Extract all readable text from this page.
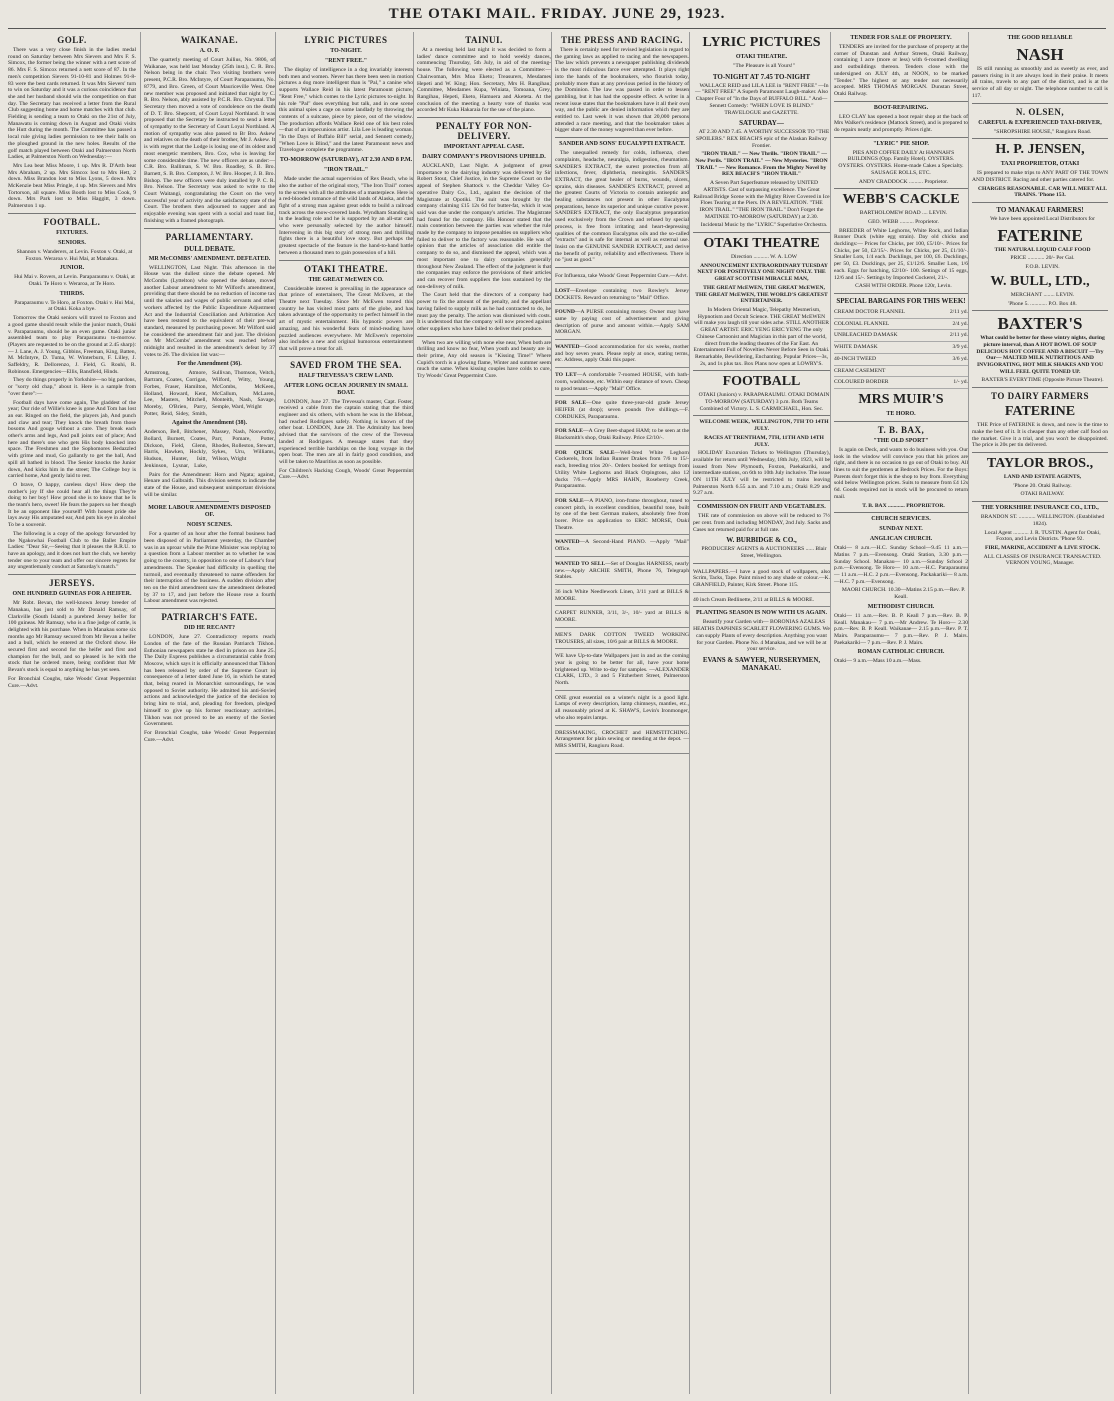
THE OTAKI MAIL. FRIDAY. JUNE 29, 1923.
GOLF.

There was a very close finish in the ladies medal round on Saturday between Mrs Sievers and Mrs F. S. Simcox, the former being the winner with a nett score of 86. Mrs F. S. Simcox returned a nett score of 87. In the men's competition Sievers 91-10-81 and Holmes 91-8-83 were the best cards returned. It was Mrs Sievers' turn to win on Saturday and it was a curious coincidence that she and her husband should win the competition on that day. The Secretary has received a letter from the Rural Club suggesting home and home matches with that club. Fielding is sending a team to Otaki on the 21st of July, Manawatu is coming down in August and Otaki visits the Hutt during the month. The Committee has passed a local rule giving ladies permission to tee their balls on the ploughed ground in the new holes. Results of the golf match played between Otaki and Palmerston North Ladies, at Palmerston North on Wednesday:—

Mrs Lea beat Miss Moore, 1 up. Mrs R. D'Arth beat Mrs Abraham, 2 up. Mrs Simcox lost to Mrs Hett, 2 down. Miss Brandon lost to Miss Lyons, 5 down. Mrs McKenzie beat Miss Pringle, 4 up. Mrs Sievers and Mrs Tortorson, all square. Miss Booth lost to Miss Cook, 9 down. Mrs Park lost to Miss Haggitt, 3 down. Palmerston 1 up.

FOOTBALL.
FIXTURES.
SENIORS.

Shannon v. Wanderers, at Levin. Foxton v. Otaki, at Foxton. Weraroa v. Hui Mai, at Manakau.

JUNIOR.

Hui Mai v. Rovers, at Levin. Paraparaumu v. Otaki, at Otaki. Te Horo v. Weraroa, at Te Horo.

THIRDS.

Paraparaumu v. Te Horo, at Foxton. Otaki v. Hui Mai, at Otaki. Koka a bye.

Tomorrow the Otaki seniors will travel to Foxton and a good game should result while the junior match, Otaki v. Paraparaumu, should be an even game. Otaki junior assembled team to play Paraparaumu to-morrow. (Players are requested to be on the ground at 2.45 sharp):— J. Lane, A. J. Young, Gibbins, Freeman, King, Batten, M. McIntyre, D. Tuma, W. Winterburn, F. Lilley, J. Saffeldry, R. Dellorenzo, J. Field, G. Rouhi, R. Robinson. Emergencies—Ellis, Bansfield, Hinds.

They do things properly in Yorkshire—no big pardons, or "sorry old chap," about it. Here is a sample from "over there":—

Football days have come again, The gladdest of the year; Our ride of Willie's knee is gone And Tom has lost an ear. Ringed on the field, the players jab, And punch and claw and tear; They knock the breath from those bosoms And gouge without a care. They break each other's arms and legs, And pull joints out of place; And here and there's one who gets His body knocked into space. The Freshmen and the Sophomores Bedazzled with grime and mud, Go gallantly to get the ball, And spill all bathed in blood. The Senior knocks the Junior down, And kicks him in the street; The College boy is carried home, And gently laid to rest.

O brave, O happy, careless days! How deep the mother's joy If she could hear all the things They're doing to her boy! How proud she is to know that he Is the team's hero, sweet! He fears the papers so her though It be an opponent like yourself! With honest pride she lays away His amputated ear, And puts his eye in alcohol To be a souvenir.

The following is a copy of the apology forwarded by the Ngakowhai Football Club to the Ballet Empire Ladies: "Dear Sir,—Seeing that it pleases the R.R.U. to have an apology, and it does not hurt the club, we hereby tender one to your team and offer our sincere regrets for any ungentlemanly conduct at Saturday's match."

JERSEYS.
ONE HUNDRED GUINEAS FOR A HEIFER.

Mr Robt. Bevan, the well-known Jersey breeder of Manakau, has just sold to Mr Donald Ramsay, of Clarkville (South Island) a purebred Jersey heifer for 100 guineas. Mr Ramsay, who is a fine judge of cattle, is delighted with his purchase. When in Manakau some six months ago Mr Ramsay secured from Mr Bevan a heifer and a bull, which he entered at the Oxford show. He secured first and second for the heifer and first and champion for the bull, and so pleased is he with the stock that he ordered more, being confident that Mr Bevan's stock is equal to anything he has yet seen.

For Bronchial Coughs, take Woods' Great Peppermint Cure.—Advt.

WAIKANAE.
A. O. F.

The quarterly meeting of Court Juilius, No. 9806, of Waikanae, was held last Monday (25th inst.), C. R. Bro. Nelson being in the chair. Two visiting brothers were present, P.C.R. Bro. McIntyre, of Court Paraparaumu, No. 8779, and Bro. Green, of Court Mauriceville West. One new member was proposed and initiated that night by C. R. Bro. Nelson, ably assisted by P.C.R. Bro. Chrystal. The Secretary then moved a vote of condolence on the death of D. T. Bro. Shepcott, of Court Loyal Northland. It was proposed that the Secretary be instructed to send a letter of sympathy to the Secretary of Court Loyal Northland. A motion of sympathy was also passed to Br Bro. Askew and relatives on the death of their brother, Mr J. Askew. It is with regret that the Lodge is losing one of its oldest and most energetic members, Bro. Cox, who is leaving for some considerable time. The new officers are as under:—C.R. Bro. Balliman, S. W. Bro. Roadley, S. B. Bro. Barnett, S. B. Bro. Compton, J. W. Bro. Hooper, J. B. Bro. Bishop. The new officers were duly installed by P. C. R. Bro. Nelson. The Secretary was asked to write to the Court Waitangi, congratulating the Court on the very successful year of activity and the satisfactory state of the Court. The brothers then adjourned to supper and an enjoyable evening was spent with a social and toast list, finishing with a framed photograph.

PARLIAMENTARY.
DULL DEBATE.
MR McCOMBS' AMENDMENT. DEFEATED.

WELLINGTON, Last Night. This afternoon in the House was the dullest since the debate opened. Mr McCombs (Lyttelton) who opened the debate, moved another Labour amendment to Mr Wilford's amendment, providing that there should be no reduction of income tax until the salaries and wages of public servants and other workers affected by the Public Expenditure Adjustment Act and the Industrial Conciliation and Arbitration Act have been restored to the equivalent of their pre-war standard, measured by purchasing power. Mr Wilford said he considered the amendment fair and just. The division on Mr McCombs' amendment was reached before midnight and resulted in the amendment's defeat by 37 votes to 26. The division list was:—

For the Amendment (36).

Armstrong, Atmore, Bartram, Coates, Corrigan, Forbes, Fraser, Hamilton, Holland, Howard, Kent, Lee, Masters, Mitchell, Moreby, O'Brien, Parry, Potter, Reid, Sidey, Smith, Sullivan, Thomson, Veitch, Wilford, Witty, Young, McCombs, McKeen, McCallum, McLaren, Monteith, Nash, Savage, Semple, Ward, Wright

Against the Amendment (38).

Anderson, Bell, Bitchener, Bollard, Burnett, Coates, Dickson, Field, Glenn, Harris, Hawken, Hockly, Hudson, Hunter, Isitt, Jenkinson, Lysnar, Luke, Massey, Nash, Nosworthy, Parr, Pomare, Potter, Rhodes, Rolleston, Stewart, Sykes, Uru, Williams, Wilson, Wright

Pairs for the Amendment: Horn and Ngata; against, Henare and Galbraith. This division seems to indicate the state of the House, and subsequent unimportant divisions will be similar.

MORE LABOUR AMENDMENTS DISPOSED OF.
NOISY SCENES.

For a quarter of an hour after the formal business had been disposed of in Parliament yesterday, the Chamber was in an uproar while the Prime Minister was replying to a question from a Labour member as to whether he was going to the country, in opposition to one of Labour's four amendments. The Speaker had difficulty in quelling the turmoil, and eventually threatened to name offenders for their interruption of the business. A sudden division after ten on the third amendment saw the amendment defeated by 37 to 17, and just before the House rose a fourth Labour amendment was rejected.

PATRIARCH'S FATE.
DID HE RECANT?

LONDON, June 27. Contradictory reports reach London of the fate of the Russian Patriarch Tikhon. Esthonian newspapers state he died in prison on June 25. The Daily Express publishes a circumstantial cable from Moscow, which says it is officially announced that Tikhon has been released by order of the Supreme Court in consequence of a letter dated June 16, in which he stated that, being reared in Monarchist surroundings, he was opposed to Soviet authority. He admitted his anti-Soviet actions and acknowledged the justice of the decision to bring him to trial, and, pleading for freedom, pledged himself to give up his former reactionary activities. Tikhon was not proved to be an enemy of the Soviet Government.

For Bronchial Coughs, take Woods' Great Peppermint Cure.—Advt.

LYRIC PICTURES
TO-NIGHT.
"RENT FREE."

The display of intelligence in a dog invariably interests both men and women. Never has there been seen in motion pictures a dog more intelligent than is "Pal," a canine who supports Wallace Reid in his latest Paramount picture, "Rent Free," which comes to the Lyric pictures to-night. In his role "Pal" does everything but talk, and in one scene this animal spies a cage on some landlady by throwing the contents of a suitcase, piece by piece, out of the window. The production affords Wallace Reid one of his best roles—that of an impecunious artist. Lila Lee is leading woman. "In the Days of Buffalo Bill" serial, and Sennett comedy, "When Love is Blind," and the latest Paramount news and Travelogue complete the programme.

TO-MORROW (SATURDAY), AT 2.30 AND 8 P.M.
"IRON TRAIL."

Made under the actual supervision of Rex Beach, who is also the author of the original story, "The Iron Trail" comes to the screen with all the attributes of a masterpiece. Here is a red-blooded romance of the wild lands of Alaska, and the fight of a strong man against great odds to build a railroad track across the snow-covered lands. Wyndham Standing is in the leading role and he is supported by an all-star cast who were personally selected by the author himself. Intervening in this big story of strong men and thrilling fights there is a beautiful love story. But perhaps the greatest spectacle of the feature is the hand-to-hand battle between a thousand men to gain possession of a hill.

OTAKI THEATRE.
THE GREAT McEWEN CO.

Considerable interest is prevailing in the appearance of that prince of entertainers, The Great McEwen, at the Theatre next Tuesday. Since Mr McEwen toured this country he has visited most parts of the globe, and has taken advantage of the opportunity to perfect himself in the art of mystic entertainment. His hypnotic powers are amazing, and his wonderful feats of mind-reading have puzzled audiences everywhere. Mr McEwen's repertoire also includes a new and original humorous entertainment that will prove a treat for all.

SAVED FROM THE SEA.
HALF TREVESSA'S CREW LAND.
AFTER LONG OCEAN JOURNEY IN SMALL BOAT.

LONDON, June 27. The Trevessa's master, Capt. Foster, received a cable from the captain stating that the third engineer and six others, with whom he was in the lifeboat, had reached Rodrigues safely. Nothing is known of the other boat. LONDON, June 28. The Admiralty has been advised that the survivors of the crew of the Trevessa landed at Rodrigues. A message states that they experienced terrible hardships on the long voyage in the open boat. The men are all in fairly good condition, and will be taken to Mauritius as soon as possible.

For Children's Hacking Cough, Woods' Great Peppermint Cure.—Advt.

TAINUI.

At a meeting held last night it was decided to form a ladies' dance committee and to hold weekly dances, commencing Thursday, 5th July, in aid of the meeting-house. The following were elected as a Committee:—Chairwoman, Mrs Moa Eketo; Treasurers, Mesdames Hepeti and W. King; Hon. Secretary, Mrs H. Rangihau; Committee, Mesdames Kupa, Winiata, Tomoana, Grey, Rangihau, Hepeti, Eketo, Hamuera and Aketeta. At the conclusion of the meeting a hearty vote of thanks was accorded Mr Kuka Hakaraia for the use of the piano.

PENALTY FOR NON-DELIVERY.
IMPORTANT APPEAL CASE.
DAIRY COMPANY'S PROVISIONS UPHELD.

AUCKLAND, Last Night. A judgment of great importance to the dairying industry was delivered by Sir Robert Stout, Chief Justice, in the Supreme Court on the appeal of Stephen Shattock v. the Cheddar Valley Co-operative Dairy Co., Ltd., against the decision of the Magistrate at Opotiki. The suit was brought by the company claiming £15 12s 6d for butter-fat, which it was said was due under the company's articles. The Magistrate had found for the company. His Honour stated that the main contention between the parties was whether the rule made by the company to impose penalties on suppliers who failed to deliver to the factory was reasonable. He was of opinion that the articles of association did entitle the company to do so, and dismissed the appeal, which was a most important one to dairy companies generally throughout New Zealand. The effect of the judgment is that the companies may enforce the provisions of their articles and can recover from suppliers the loss sustained by the non-delivery of milk.

The Court held that the directors of a company had power to fix the amount of the penalty, and the appellant having failed to supply milk as he had contracted to do, he must pay the penalty. The action was dismissed with costs. It is understood that the company will now proceed against other suppliers who have failed to deliver their produce.

When two are willing with none else near, When both are thrilling and know no fear, When youth and beauty are in their prime, Any old season is "Kissing Time!" Where Cupid's torch is a glowing flame, Winter and summer seem much the same. When kissing couples have colds to cure, Try Woods' Great Peppermint Cure.

THE PRESS AND RACING.

There is certainly need for revised legislation in regard to the gaming laws as applied to racing and the newspapers. The law which prevents a newspaper publishing dividends is the most ridiculous farce ever attempted. It plays right into the hands of the bookmakers, who flourish today, probably more than at any previous period in the history of the Dominion. The law was passed in order to lessen gambling, but it has had the opposite effect. A writer in a recent issue states that the bookmakers have it all their own way, and the public are denied information which they are entitled to. Last week it was shown that 20,000 persons attended a race meeting, and that the bookmaker takes a bigger share of the money wagered than ever before.

SANDER AND SONS' EUCALYPTI EXTRACT.

The unequalled remedy for colds, influenza, chest complaints, headache, neuralgia, indigestion, rheumatism. SANDER'S EXTRACT, the surest protection from all infections, fever, diphtheria, meningitis. SANDER'S EXTRACT, the great healer of burns, wounds, ulcers, sprains, skin diseases. SANDER'S EXTRACT, proved at the greatest Courts of Victoria to contain antiseptic and healing substances not present in other Eucalyptus preparations, hence its superior and unique curative power. SANDER'S EXTRACT, the only Eucalyptus preparation used exclusively from the Crown and refused by special process, is free from irritating and heart-depressing qualities of the common Eucalyptus oils and the so-called "extracts" and is safe for internal as well as external use. Insist on the GENUINE SANDER EXTRACT, and derive the benefit of purity, reliability and effectiveness. There is no "just as good."

For Influenza, take Woods' Great Peppermint Cure.—Advt.

LOST—Envelope containing two Rowley's Jersey DOCKETS. Reward on returning to "Mail" Office.

FOUND—A PURSE containing money. Owner may have same by paying cost of advertisement and giving description of purse and amount within.—Apply SAM MORGAN.

WANTED—Good accommodation for six weeks, mother and boy seven years. Please reply at once, stating terms, etc. Address, apply Otaki this paper.

TO LET—A comfortable 7-roomed HOUSE, with bath-room, washhouse, etc. Within easy distance of town. Cheap to good tenant.—Apply "Mail" Office.

FOR SALE—One quite three-year-old grade Jersey HEIFER (at drop); seven pounds five shillings.—F. CORDUKES, Paraparaumu.

FOR SALE—A Grey Beet-shaped HAM; to be seen at the Blacksmith's shop, Otaki Railway. Price £2/10/-.

FOR QUICK SALE—Well-bred White Leghorn Cockerels, from Indian Runner Drakes from 7/6 to 15/- each, breeding trios 20/-. Orders booked for settings from Utility White Leghorns and Black Orpingtons, also 12 ducks 7/6.—Apply MRS HAHN, Roseberry Creek, Paraparaumu.

FOR SALE—A PIANO, iron-frame throughout, tuned to concert pitch, in excellent condition, beautiful tone, built by one of the best German makers, absolutely free from borer. Price on application to ERIC MORSE, Otaki Theatre.

WANTED—A Second-Hand PIANO. —Apply "Mail" Office.

WANTED TO SELL—Set of Douglas HARNESS, nearly new.—Apply ARCHIE SMITH, Phone 76, Telegraph Stables.

36 inch White Needlework Linen, 3/11 yard at BILLS & MOORE.

CARPET RUNNER, 3/11, 3/-, 10/- yard at BILLS & MOORE.

MEN'S DARK COTTON TWEED WORKING TROUSERS, all sizes, 10/6 pair at BILLS & MOORE.

WE have Up-to-date Wallpapers just in and as the coming year is going to be better for all, have your home brightened up. Write to-day for samples. —ALEXANDER CLARK, LTD., 3 and 5 Fitzherbert Street, Palmerston North.

ONE great essential on a winter's night is a good light. Lamps of every description, lamp chimneys, mantles, etc., all reasonably priced at K. SHAW'S, Levin's Ironmonger, who also repairs lamps.

DRESSMAKING, CROCHET and HEMSTITCHING. Arrangement for plain sewing or mending at the depot. — MRS SMITH, Rangiuru Road.

LYRIC PICTURES
OTAKI THEATRE.

"The Pleasure is all Yours!"

TO-NIGHT AT 7.45 TO-NIGHT

WALLACE REID and LILA LEE in "RENT FREE" —In— "RENT FREE" A Superb Paramount Laugh-maker. Also Chapter Four of "In the Days of BUFFALO BILL." And— Sennett Comedy: "WHEN LOVE IS BLIND." TRAVELOGUE and GAZETTE.

SATURDAY—

AT 2.30 AND 7.45. A WORTHY SUCCESSOR TO "THE SPOILERS." REX BEACH'S epic of the Alaskan Railway Frontier.

"IRON TRAIL" — New Thrills. "IRON TRAIL" — New Perils. "IRON TRAIL" — New Mysteries. "IRON TRAIL" — New Romance. From the Mighty Novel by REX BEACH'S "IRON TRAIL"

A Seven Part Superfeature released by UNITED ARTISTS. Cast of surpassing excellence. The Great Railroad Bridge Scene with the Mighty River Covered in Ice Floes Tearing at the Piers. IN A REVELATION. "THE IRON TRAIL." "THE IRON TRAIL." Don't Forget the MATINEE TO-MORROW (SATURDAY) at 2.30.

Incidental Music by the "LYRIC" Superlative Orchestra.

OTAKI THEATRE

Direction ........... W. A. LOW

ANNOUNCEMENT EXTRAORDINARY TUESDAY NEXT FOR POSITIVELY ONE NIGHT ONLY. THE GREAT SCOTTISH MIRACLE MAN,

THE GREAT McEWEN, THE GREAT McEWEN, THE GREAT McEWEN, THE WORLD'S GREATEST ENTERTAINER.

In Modern Oriental Magic, Telepathy Mesmerism, Hypnotism and Occult Science. THE GREAT McEWEN will make you laugh till your sides ache. STILL ANOTHER GREAT ARTIST. ERIC YENG ERIC YENG The only Chinese Cartoonist and Magician in this part of the world, direct from the leading theatres of the Far East. An Entertainment Full of Novelties Never Before Seen in Otaki. Remarkable, Bewildering, Enchanting. Popular Prices—3s, 2s, and 1s plus tax. Box Plans now open at LOWRY'S.

FOOTBALL

OTAKI (Juniors) v. PARAPARAUMU. OTAKI DOMAIN TO-MORROW (SATURDAY) 3 p.m. Both Teams Combined of Victory. L. S. CARMICHAEL, Hon. Sec.

WELCOME WEEK, WELLINGTON, 7TH TO 14TH JULY.

RACES AT TRENTHAM, 7TH, 11TH AND 14TH JULY.

HOLIDAY Excursion Tickets to Wellington (Thursday), available for return until Wednesday, 18th July, 1923, will be issued from New Plymouth, Foxton, Paekakariki, and intermediate stations, on 6th to 10th July inclusive. The issue ON 11TH JULY will be restricted to trains leaving Palmerston North 6.55 a.m. and 7.10 a.m.; Otaki 8.29 and 9.27 a.m.

COMMISSION ON FRUIT AND VEGETABLES.

THE rate of commission on above will be reduced to 7½ per cent. from and including MONDAY, 2nd July. Sacks and Cases not returned paid for at full rate.

W. BURBIDGE & CO.,

PRODUCERS' AGENTS & AUCTIONEERS ...... Blair Street, Wellington.

WALLPAPERS.—I have a good stock of wallpapers, also Scrim, Tacks, Tape. Paint mixed to any shade or colour.—K. GRANFIELD, Painter, Kirk Street. Phone 115.

40 inch Cream Bedlinette, 2/11 at BILLS & MOORE.

PLANTING SEASON IS NOW WITH US AGAIN.

Beautify your Garden with— BORONIAS AZALEAS HEATHS DAPHNES SCARLET FLOWERING GUMS. We can supply Plants of every description. Anything you want for your Garden. Phone No. 4 Manakau, and we will be at your service.

EVANS & SAWYER, NURSERYMEN, MANAKAU.
TENDER FOR SALE OF PROPERTY.

TENDERS are invited for the purchase of property at the corner of Dunstan and Arthur Streets, Otaki Railway, containing 1 acre (more or less) with 6-roomed dwelling and outbuildings thereon. Tenders close with the undersigned on JULY 4th, at NOON, to be marked "Tender." The highest or any tender not necessarily accepted. MRS THOMAS MORGAN. Dunstan Street, Otaki Railway.

BOOT-REPAIRING.

LEO CLAY has opened a boot repair shop at the back of Mrs Walker's residence (Mattock Street), and is prepared to do repairs neatly and promptly. Prices right.

"LYRIC" PIE SHOP.

PIES AND COFFEE DAILY At HANNAH'S BUILDINGS (Opp. Family Hotel). OYSTERS. OYSTERS. OYSTERS. Home-made Cakes a Specialty. SAUSAGE ROLLS, ETC.

ANDY CRADDOCK .......... Proprietor.

WEBB'S CACKLE

BARTHOLOMEW ROAD .... LEVIN.

GEO. WEBB .......... Proprietor.

BREEDER of White Leghorns, White Rock, and Indian Runner Duck (white egg strain). Day old chicks and ducklings:— Prices for Chicks, per 100, £5/10/-. Prices for Chicks, per 50, £2/15/-. Prices for Chicks, per 25, £1/10/-. Smaller Lots, 1/4 each. Ducklings, per 100, £6. Ducklings, per 50, £3. Ducklings, per 25, £1/12/6. Smaller Lots, 1/6 each. Eggs for hatching, £2/10/- 100. Settings of 15 eggs, 12/6 and 15/-. Settings by Imported Cockerel, 21/-.

CASH WITH ORDER. Phone 120r, Levin.

SPECIAL BARGAINS FOR THIS WEEK!
CREAM DOCTOR FLANNEL	2/11 yd.
COLONIAL FLANNEL	2/4 yd.
UNBLEACHED DAMASK	2/11 yd.
WHITE DAMASK	3/9 yd.
40-INCH TWEED	3/6 yd.
CREAM CASEMENT
COLOURED BORDER	1/- yd.
MRS MUIR'S
TE HORO.
T. B. BAX,
"THE OLD SPORT"

Is again on Deck, and wants to do business with you. Our look in the window will convince you that his prices are right, and there is no occasion to go out of Otaki to buy. All lines to suit the gentlemen at Bedrock Prices. For the Boys: Parents don't forget this is the shop to buy from. Everything sold below Wellington prices. Suits to measure from £4 12s 6d. Goods required not in stock will be procured to return mail.

T. B. BAX ............ PROPRIETOR.

CHURCH SERVICES.
SUNDAY NEXT.
ANGLICAN CHURCH.

Otaki— 8 a.m.—H.C. Sunday School—9.45 11 a.m.—Matins 7 p.m.—Evensong. Otaki Station, 3.30 p.m.—Sunday School. Manakau— 10 a.m.—Sunday School 2 p.m.—Evensong. Te Horo— 10 a.m.—H.C. Paraparaumu— 11 a.m.—H.C. 2 p.m.—Evensong. Packakariki— 8 a.m.—H.C. 7 p.m.—Evensong.

MAORI CHURCH. 10.30—Matins 2.15 p.m.—Rev. P. Keall.

METHODIST CHURCH.

Otaki— 11 a.m.—Rev. B. P. Keall 7 p.m.—Rev. B. P. Keall. Manakau— 7 p.m.—Mr Andrew. Te Horo— 2.30 p.m.—Rev. B. P. Keall. Waikanae— 2.15 p.m.—Rev. P. T. Mairs. Paraparaumu— 7 p.m.—Rev. P. J. Mairs. Paekakariki— 7 p.m.—Rev. P. J. Mairs.

ROMAN CATHOLIC CHURCH.

Otaki— 9 a.m.—Mass 10 a.m.—Mass.

THE GOOD RELIABLE
NASH

IS still running as smoothly and as sweetly as ever, and passers rising in it are always loud in their praise. It meets all trains, travels to any part of the district, and is at the service of all day or night. The telephone number to call is 117.

N. OLSEN,
CAREFUL & EXPERIENCED TAXI-DRIVER,

"SHROPSHIRE HOUSE," Rangiuru Road.

H. P. JENSEN,
TAXI PROPRIETOR, OTAKI

IS prepared to make trips to ANY PART OF THE TOWN AND DISTRICT. Racing and other parties catered for.

CHARGES REASONABLE. CAR WILL MEET ALL TRAINS. 'Phone 153.

TO MANAKAU FARMERS!

We have been appointed Local Distributors for

FATERINE

THE NATURAL LIQUID CALF FOOD

PRICE ............ 20/- Per Gal.

F.O.B. LEVIN.

W. BULL, LTD.,

MERCHANT ........ LEVIN.

'Phone 5. ............ P.O. Box 48.

BAXTER'S

What could be better for these wintry nights, during picture interval, than A HOT BOWL OF SOUP DELICIOUS HOT COFFEE AND A BISCUIT —Try Our— MALTED MILK NUTRITIOUS AND INVIGORATING, HOT MILK SHAKES AND YOU WILL FEEL QUITE TONED UP.

BAXTER'S EVERYTIME (Opposite Picture Theatre).

TO DAIRY FARMERS
FATERINE

THE Price of FATERINE is down, and now is the time to make the best of it. It is cheaper than any other calf food on the market. Give it a trial, and you won't be disappointed. The price is 20s per tin delivered.

TAYLOR BROS.,

LAND AND ESTATE AGENTS,

'Phone 20. Otaki Railway.

OTAKI RAILWAY.

THE YORKSHIRE INSURANCE CO., LTD.,

BRANDON ST. ............ WELLINGTON. (Established 1824).

Local Agent ........... J. R. TUSTIN. Agent for Otaki, Foxton, and Levin Districts. 'Phone 92.

FIRE, MARINE, ACCIDENT & LIVE STOCK.

ALL CLASSES OF INSURANCE TRANSACTED. VERNON YOUNG, Manager.
